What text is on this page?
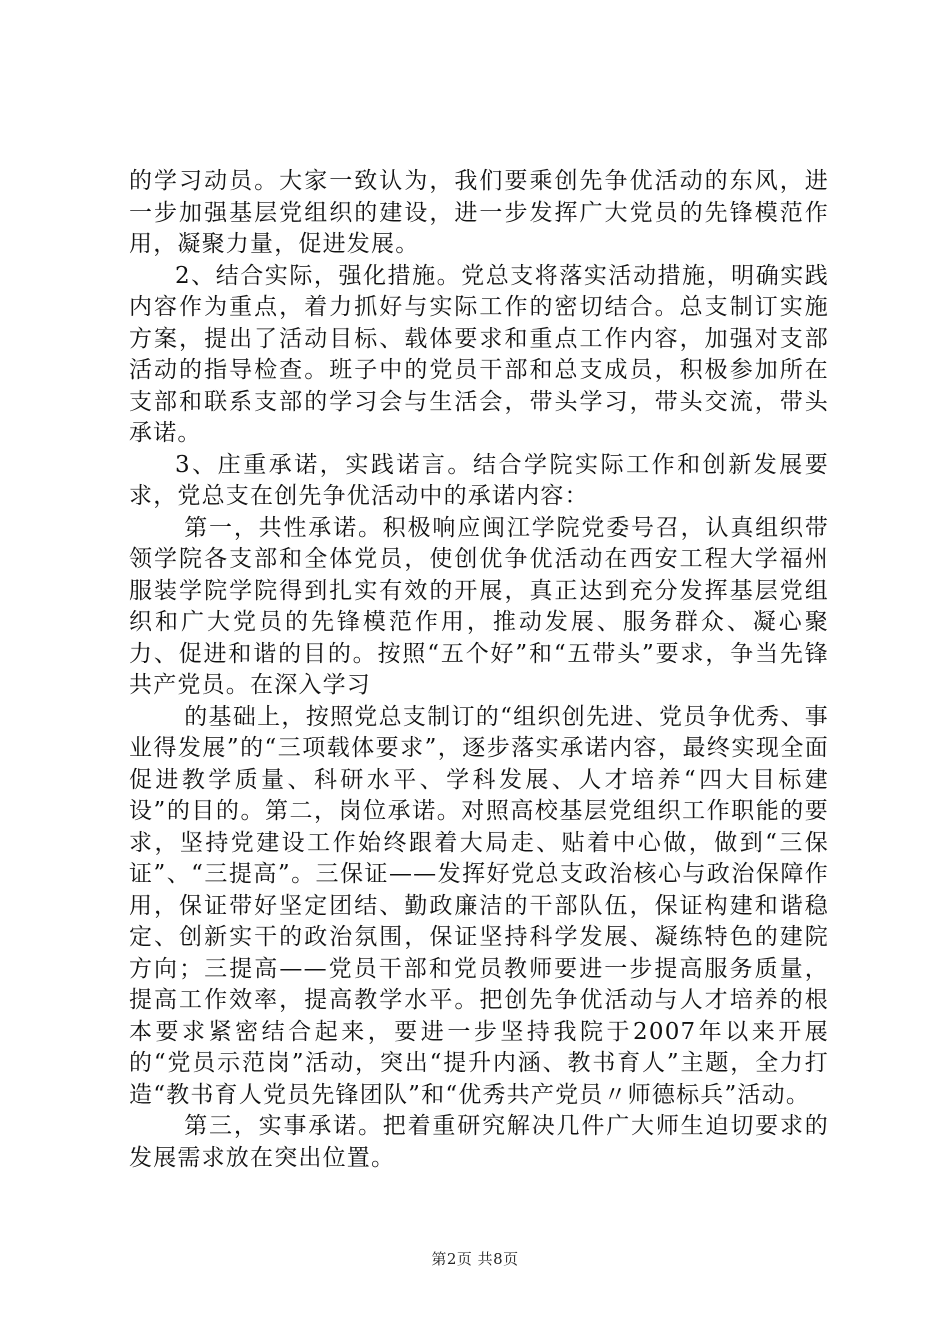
的学习动员。大家一致认为，我们要乘创先争优活动的东风，进一步加强基层党组织的建设，进一步发挥广大党员的先锋模范作用，凝聚力量，促进发展。

2、结合实际，强化措施。党总支将落实活动措施，明确实践内容作为重点，着力抓好与实际工作的密切结合。总支制订实施方案，提出了活动目标、载体要求和重点工作内容，加强对支部活动的指导检查。班子中的党员干部和总支成员，积极参加所在支部和联系支部的学习会与生活会，带头学习，带头交流，带头承诺。

3、庄重承诺，实践诺言。结合学院实际工作和创新发展要求，党总支在创先争优活动中的承诺内容：

第一，共性承诺。积极响应闽江学院党委号召，认真组织带领学院各支部和全体党员，使创优争优活动在西安工程大学福州服装学院学院得到扎实有效的开展，真正达到充分发挥基层党组织和广大党员的先锋模范作用，推动发展、服务群众、凝心聚力、促进和谐的目的。按照“五个好”和“五带头”要求，争当先锋共产党员。在深入学习

的基础上，按照党总支制订的“组织创先进、党员争优秀、事业得发展”的“三项载体要求”，逐步落实承诺内容，最终实现全面促进教学质量、科研水平、学科发展、人才培养“四大目标建设”的目的。第二，岗位承诺。对照高校基层党组织工作职能的要求，坚持党建设工作始终跟着大局走、贴着中心做，做到“三保证”、“三提高”。三保证——发挥好党总支政治核心与政治保障作用，保证带好坚定团结、勤政廉洁的干部队伍，保证构建和谐稳定、创新实干的政治氛围，保证坚持科学发展、凝练特色的建院方向；三提高——党员干部和党员教师要进一步提高服务质量，提高工作效率，提高教学水平。把创先争优活动与人才培养的根本要求紧密结合起来，要进一步坚持我院于2007年以来开展的“党员示范岗”活动，突出“提升内涵、教书育人”主题，全力打造“教书育人党员先锋团队”和“优秀共产党员〃师德标兵”活动。

第三，实事承诺。把着重研究解决几件广大师生迫切要求的发展需求放在突出位置。

第2页 共8页
